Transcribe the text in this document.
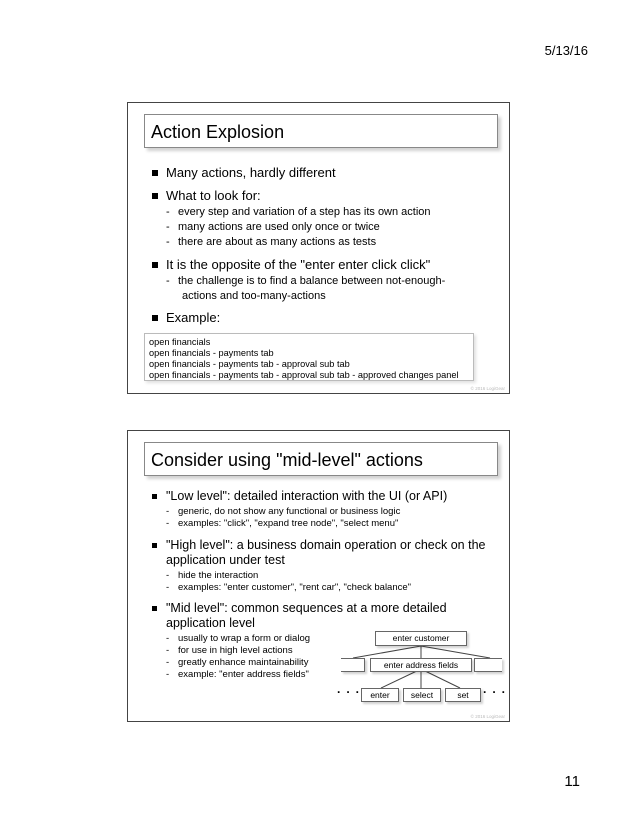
5/13/16
Action Explosion
Many actions, hardly different
What to look for:
- every step and variation of a step has its own action
- many actions are used only once or twice
- there are about as many actions as tests
It is the opposite of the "enter enter click click"
- the challenge is to find a balance between not-enough-
actions and too-many-actions
Example:
open financials
open financials - payments tab
open financials - payments tab - approval sub tab
open financials - payments tab - approval sub tab - approved changes panel
© 2016 LogiGear
Consider using "mid-level" actions
"Low level": detailed interaction with the UI (or API)
- generic, do not show any functional or business logic
- examples: "click", "expand tree node", "select menu"
"High level": a business domain operation or check on the
application under test
- hide the interaction
- examples: "enter customer", "rent car", "check balance"
"Mid level": common sequences at a more detailed
application level
- usually to wrap a form or dialog
- for use in high level actions
- greatly enhance maintainability
- example: "enter address fields"
enter customer
enter address fields
enter	select	set
· · ·	· · ·
© 2016 LogiGear
11
